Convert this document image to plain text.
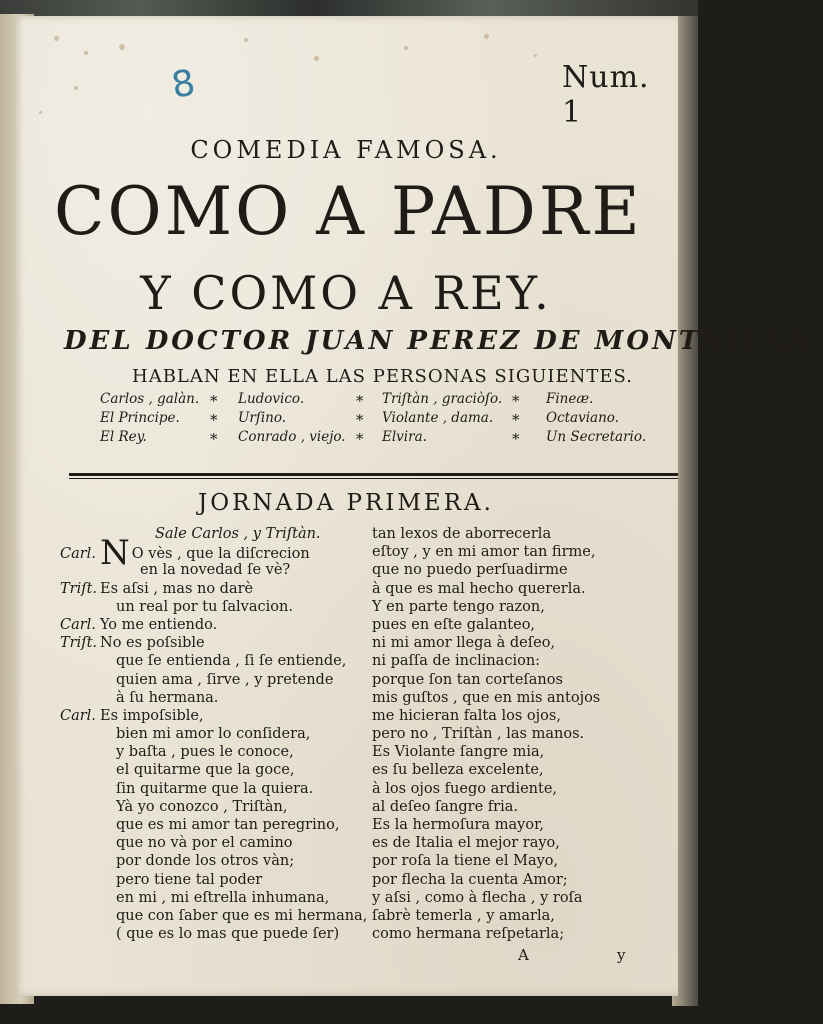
8	Num. 1
COMEDIA FAMOSA.
COMO A PADRE
Y COMO A REY.
DEL DOCTOR JUAN PEREZ DE MONTALVAN.
HABLAN EN ELLA LAS PERSONAS SIGUIENTES.
Carlos , galàn.
El Principe.
El Rey.
*
*
*
Ludovico.
Urſino.
Conrado , viejo.
*
*
*
Triſtàn , graciòſo.
Violante , dama.
Elvira.
*
*
*
Fineæ.
Octaviano.
Un Secretario.
JORNADA PRIMERA.
Sale Carlos , y Triſtàn.
Carl. N O vès , que la diſcrecion
en la novedad ſe vè?
Triſt. Es aſsi , mas no darè
un real por tu ſalvacion.
Carl. Yo me entiendo.
Triſt. No es poſsible
que ſe entienda , ſi ſe entiende,
quien ama , ſirve , y pretende
à ſu hermana.
Carl. Es impoſsible,
bien mi amor lo conſidera,
y baſta , pues le conoce,
el quitarme que la goce,
ſin quitarme que la quiera.
Yà yo conozco , Triſtàn,
que es mi amor tan peregrino,
que no và por el camino
por donde los otros vàn;
pero tiene tal poder
en mi , mi eſtrella inhumana,
que con ſaber que es mi hermana,
( que es lo mas que puede ſer)
tan lexos de aborrecerla
eſtoy , y en mi amor tan firme,
que no puedo perſuadirme
à que es mal hecho quererla.
Y en parte tengo razon,
pues en eſte galanteo,
ni mi amor llega à deſeo,
ni paſſa de inclinacion:
porque ſon tan corteſanos
mis guſtos , que en mis antojos
me hicieran falta los ojos,
pero no , Triſtàn , las manos.
Es Violante ſangre mia,
es ſu belleza excelente,
à los ojos fuego ardiente,
al deſeo ſangre fria.
Es la hermoſura mayor,
es de Italia el mejor rayo,
por roſa la tiene el Mayo,
por flecha la cuenta Amor;
y aſsi , como à flecha , y roſa
ſabrè temerla , y amarla,
como hermana reſpetarla;
A	y
